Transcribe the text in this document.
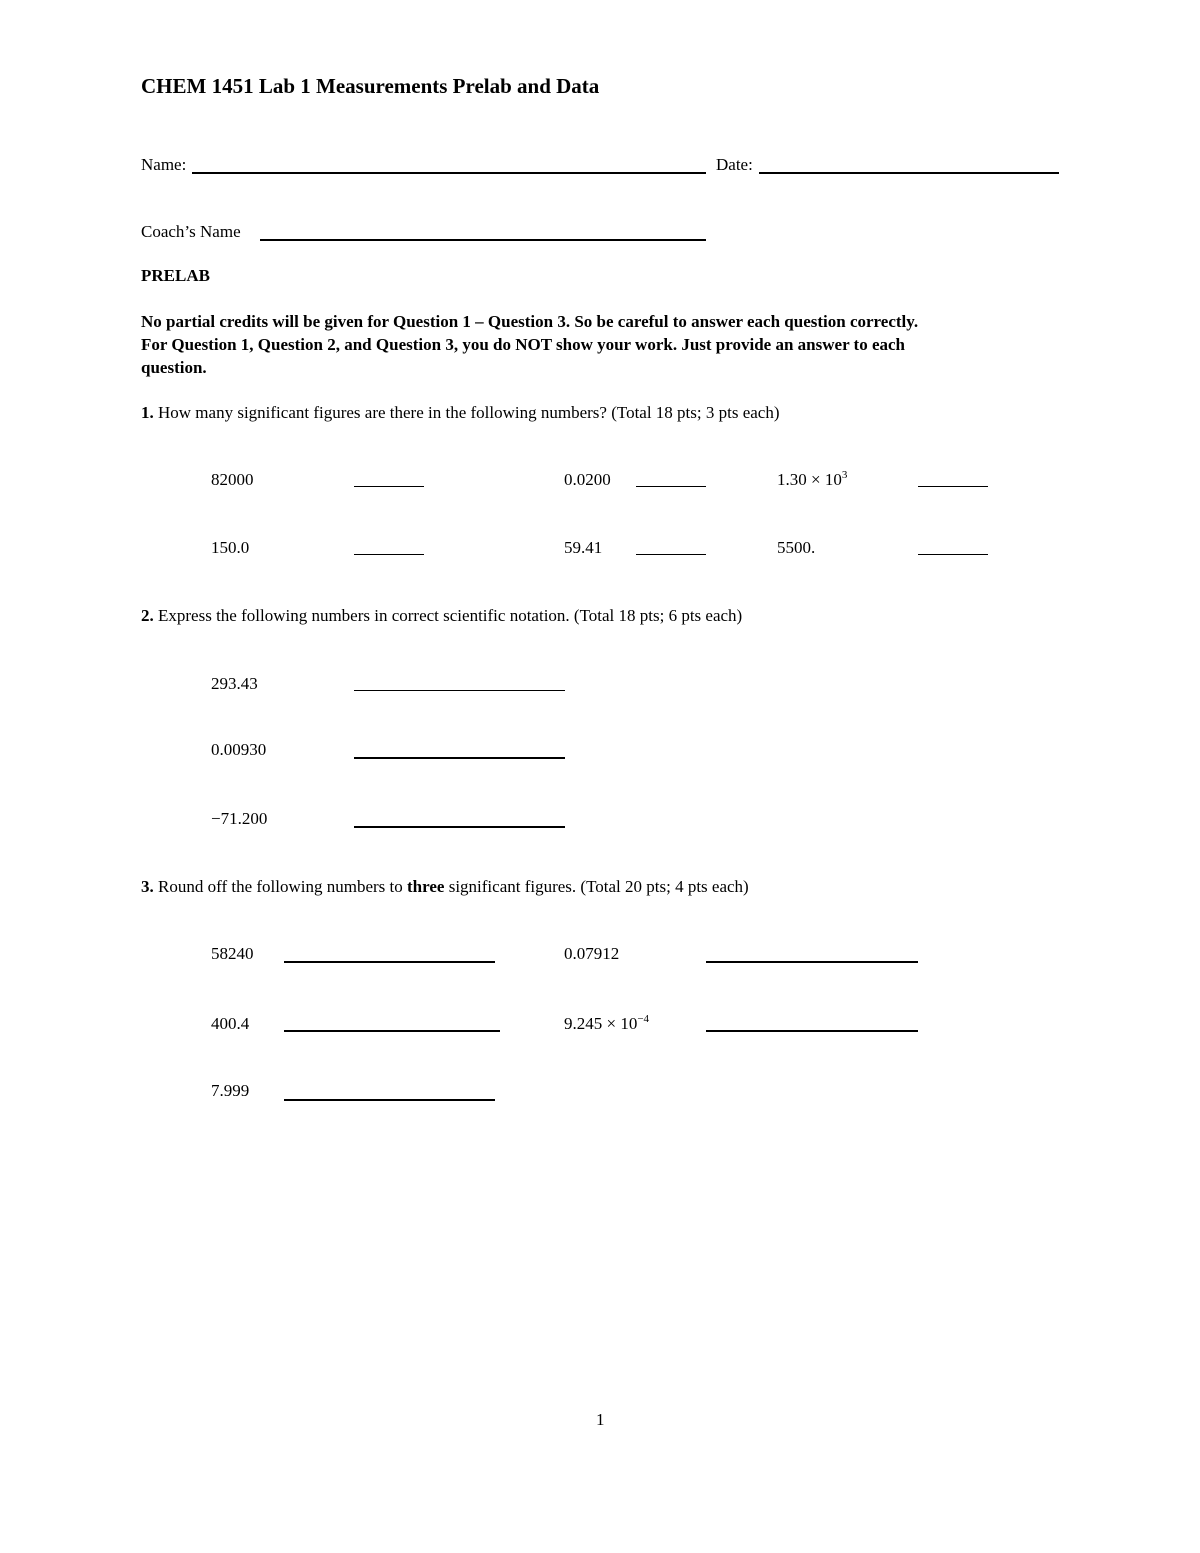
CHEM 1451 Lab 1 Measurements Prelab and Data
Name:	Date:
Coach’s Name
PRELAB
No partial credits will be given for Question 1 – Question 3. So be careful to answer each question correctly.
For Question 1, Question 2, and Question 3, you do NOT show your work. Just provide an answer to each
question.
1. How many significant figures are there in the following numbers? (Total 18 pts; 3 pts each)
82000	0.0200	$1.30 \times 10^3$
150.0	59.41	5500.
2. Express the following numbers in correct scientific notation. (Total 18 pts; 6 pts each)
293.43
0.00930
−71.200
3. Round off the following numbers to three significant figures. (Total 20 pts; 4 pts each)
58240	0.07912
400.4	$9.245 \times 10^{-4}$
7.999
1
